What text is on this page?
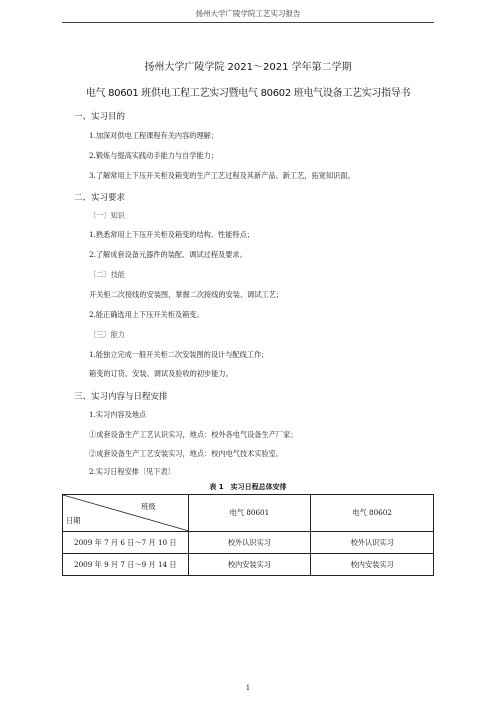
扬州大学广陵学院工艺实习报告
扬州大学广陵学院 2021～2021 学年第二学期
电气 80601 班供电工程工艺实习暨电气 80602 班电气设备工艺实习指导书
一、实习目的
1.加深对供电工程课程有关内容的理解；
2.锻炼与提高实践动手能力与自学能力；
3.了解常用上下压开关柜及箱变的生产工艺过程及其新产品、新工艺，拓宽知识面。
二、实习要求
〔一〕知识
1.熟悉常用上下压开关柜及箱变的结构、性能特点；
2.了解成套设备元器件的装配、调试过程及要求。
〔二〕技能
开关柜二次接线的安装图，掌握二次接线的安装、调试工艺；
2.能正确选用上下压开关柜及箱变。
〔三〕能力
1.能独立完成一般开关柜二次安装图的设计与配线工作；
箱变的订货、安装、调试及验收的初步能力。
三、实习内容与日程安排
1.实习内容及地点
①成套设备生产工艺认识实习，地点：校外各电气设备生产厂家；
②成套设备生产工艺安装实习，地点：校内电气技术实验室。
2.实习日程安排〔见下表〕
表 1　实习日程总体安排
班级
日期	电气 80601	电气 80602
2009 年 7 月 6 日～7 月 10 日	校外认识实习	校外认识实习
2009 年 9 月 7 日～9 月 14 日	校内安装实习	校内安装实习
1
